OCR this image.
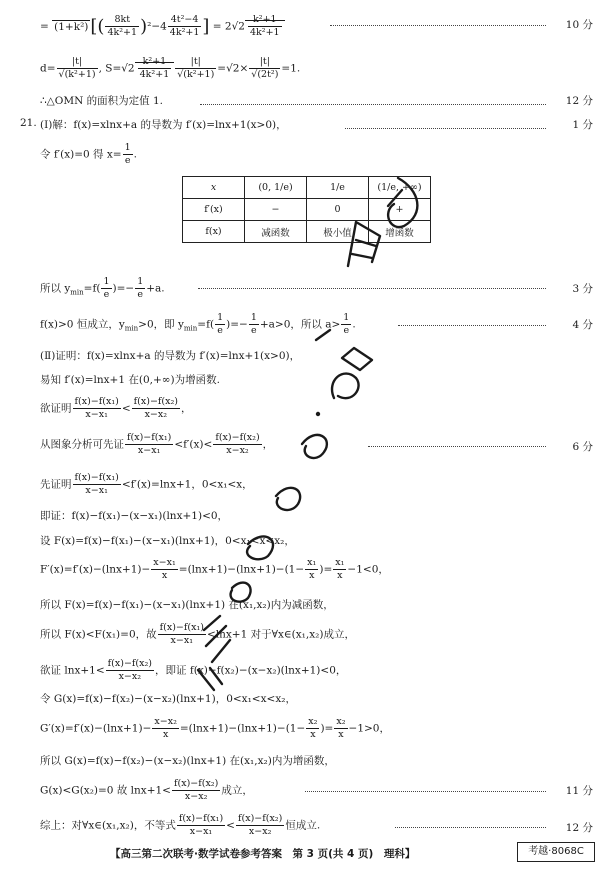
= (1+k²) [( $\frac{8kt}{\text{4k²+1}} )^2-4 \frac{\text{4t²−4}}{\text{4k²+1}}$ ] = $2√2 \frac{\text{k²+1}}{\text{4k²+1}}$	10 分
$d= \frac{|t|}{\text{√(k²+1)}}$ , $S=√2 \frac{\text{k²+1}}{\text{4k²+1}} \frac{|t|}{\text{√(k²+1)}} =√2\times \frac{|t|}{\text{√(2t²)}} =1$.
∴△OMN 的面积为定值 1.	12 分
21. (Ⅰ)解：f(x)=xlnx+a 的导数为 f′(x)=lnx+1(x>0)，	1 分
令 f′(x)=0 得 $x= \frac{1}{e}$ .
x	(0, 1/e)	1/e	(1/e, +∞)
f′(x)	−	0	+
f(x)	减函数	极小值	增函数
所以 $y_{min}=f( \frac{1}{e}$ )=− $\frac{1}{e} +a$.	3 分
f(x)>0 恒成立，$y_{min}>0$，即 $y_{min}=f( \frac{1}{e}$ )=− $\frac{1}{e} +a>0$，所以 $a> \frac{1}{e}$ .	4 分
(Ⅱ)证明：f(x)=xlnx+a 的导数为 f′(x)=lnx+1(x>0)，
易知 f′(x)=lnx+1 在(0,+∞)为增函数.
欲证明 $\frac{\text{f(x)−f(x₁)}}{\text{x−x₁}} < \frac{\text{f(x)−f(x₂)}}{\text{x−x₂}}$ ，
从图象分析可先证 $\frac{\text{f(x)−f(x₁)}}{\text{x−x₁}} <f'(x)< \frac{\text{f(x)−f(x₂)}}{\text{x−x₂}}$ ，	6 分
先证明 $\frac{\text{f(x)−f(x₁)}}{\text{x−x₁}} <f'(x)=\ln x+1$，0<x₁<x，
即证：f(x)−f(x₁)−(x−x₁)(lnx+1)<0，
设 F(x)=f(x)−f(x₁)−(x−x₁)(lnx+1)，0<x₁<x<x₂，
$F'(x)=f'(x)-(\ln x+1)- \frac{\text{x−x₁}}{x} =(\ln x+1)-(\ln x+1)-(1- \frac{\text{x₁}}{x}$ )= $\frac{\text{x₁}}{x} -1<0$，
所以 F(x)=f(x)−f(x₁)−(x−x₁)(lnx+1) 在(x₁,x₂)内为减函数，
所以 F(x)<F(x₁)=0，故 $\frac{\text{f(x)−f(x₁)}}{\text{x−x₁}} <\ln x+1$ 对于∀x∈(x₁,x₂)成立，
欲证 $\ln x+1< \frac{\text{f(x)−f(x₂)}}{\text{x−x₂}}$ ，即证 f(x)−f(x₂)−(x−x₂)(lnx+1)<0，
令 G(x)=f(x)−f(x₂)−(x−x₂)(lnx+1)，0<x₁<x<x₂，
$G'(x)=f'(x)-(\ln x+1)- \frac{\text{x−x₂}}{x} =(\ln x+1)-(\ln x+1)-(1- \frac{\text{x₂}}{x}$ )= $\frac{\text{x₂}}{x} -1>0$，
所以 G(x)=f(x)−f(x₂)−(x−x₂)(lnx+1) 在(x₁,x₂)内为增函数，
G(x)<G(x₂)=0 故 $\ln x+1< \frac{\text{f(x)−f(x₂)}}{\text{x−x₂}}$ 成立，	11 分
综上：对∀x∈(x₁,x₂)，不等式 $\frac{\text{f(x)−f(x₁)}}{\text{x−x₁}} < \frac{\text{f(x)−f(x₂)}}{\text{x−x₂}}$ 恒成立.	12 分
【高三第二次联考·数学试卷参考答案　第 3 页(共 4 页)　理科】	考越·8068C
